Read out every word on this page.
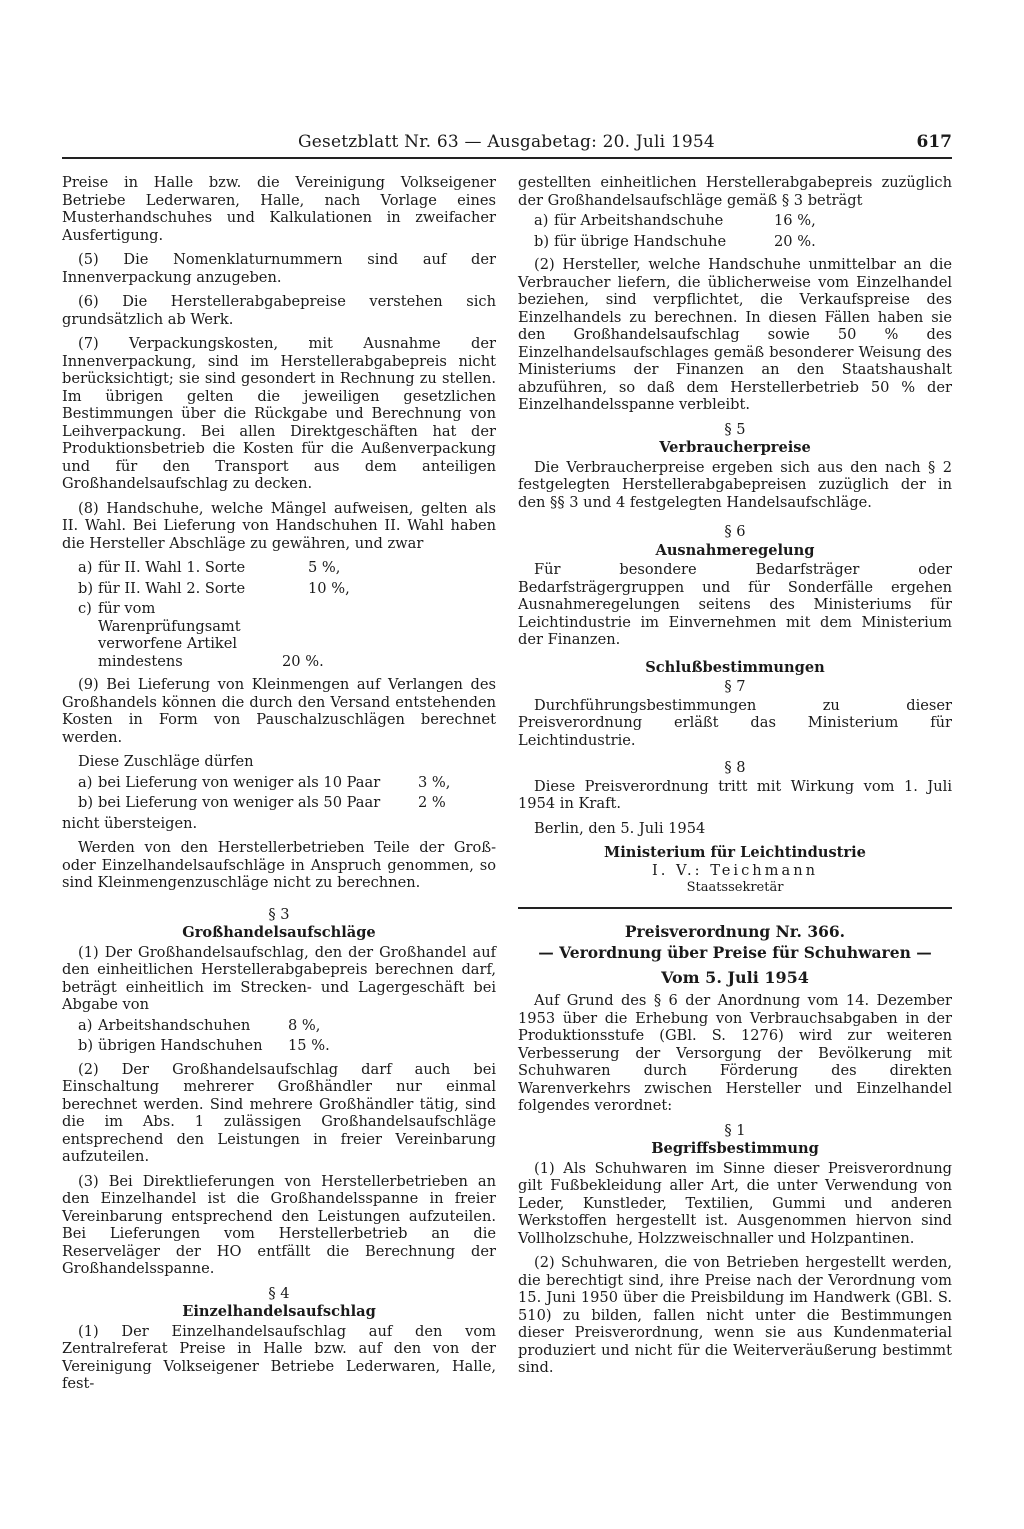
Gesetzblatt Nr. 63 — Ausgabetag: 20. Juli 1954	617

Preise in Halle bzw. die Vereinigung Volkseigener Betriebe Lederwaren, Halle, nach Vorlage eines Musterhandschuhes und Kalkulationen in zweifacher Ausfertigung.

(5) Die Nomenklaturnummern sind auf der Innenverpackung anzugeben.

(6) Die Herstellerabgabepreise verstehen sich grundsätzlich ab Werk.

(7) Verpackungskosten, mit Ausnahme der Innenverpackung, sind im Herstellerabgabepreis nicht berücksichtigt; sie sind gesondert in Rechnung zu stellen. Im übrigen gelten die jeweiligen gesetzlichen Bestimmungen über die Rückgabe und Berechnung von Leihverpackung. Bei allen Direktgeschäften hat der Produktionsbetrieb die Kosten für die Außenverpackung und für den Transport aus dem anteiligen Großhandelsaufschlag zu decken.

(8) Handschuhe, welche Mängel aufweisen, gelten als II. Wahl. Bei Lieferung von Handschuhen II. Wahl haben die Hersteller Abschläge zu gewähren, und zwar

a) für II. Wahl 1. Sorte	5 %,
b) für II. Wahl 2. Sorte	10 %,
c) für vom Warenprüfungsamt verworfene Artikel mindestens	20 %.

(9) Bei Lieferung von Kleinmengen auf Verlangen des Großhandels können die durch den Versand entstehenden Kosten in Form von Pauschalzuschlägen berechnet werden.

Diese Zuschläge dürfen

a) bei Lieferung von weniger als 10 Paar	3 %,
b) bei Lieferung von weniger als 50 Paar	2 %

nicht übersteigen.

Werden von den Herstellerbetrieben Teile der Groß- oder Einzelhandelsaufschläge in Anspruch genommen, so sind Kleinmengenzuschläge nicht zu berechnen.

§ 3
Großhandelsaufschläge

(1) Der Großhandelsaufschlag, den der Großhandel auf den einheitlichen Herstellerabgabepreis berechnen darf, beträgt einheitlich im Strecken- und Lagergeschäft bei Abgabe von

a) Arbeitshandschuhen	8 %,
b) übrigen Handschuhen	15 %.

(2) Der Großhandelsaufschlag darf auch bei Einschaltung mehrerer Großhändler nur einmal berechnet werden. Sind mehrere Großhändler tätig, sind die im Abs. 1 zulässigen Großhandelsaufschläge entsprechend den Leistungen in freier Vereinbarung aufzuteilen.

(3) Bei Direktlieferungen von Herstellerbetrieben an den Einzelhandel ist die Großhandelsspanne in freier Vereinbarung entsprechend den Leistungen aufzuteilen. Bei Lieferungen vom Herstellerbetrieb an die Reserveläger der HO entfällt die Berechnung der Großhandelsspanne.

§ 4
Einzelhandelsaufschlag

(1) Der Einzelhandelsaufschlag auf den vom Zentralreferat Preise in Halle bzw. auf den von der Vereinigung Volkseigener Betriebe Lederwaren, Halle, fest-

gestellten einheitlichen Herstellerabgabepreis zuzüglich der Großhandelsaufschläge gemäß § 3 beträgt

a) für Arbeitshandschuhe	16 %,
b) für übrige Handschuhe	20 %.

(2) Hersteller, welche Handschuhe unmittelbar an die Verbraucher liefern, die üblicherweise vom Einzelhandel beziehen, sind verpflichtet, die Verkaufspreise des Einzelhandels zu berechnen. In diesen Fällen haben sie den Großhandelsaufschlag sowie 50 % des Einzelhandelsaufschlages gemäß besonderer Weisung des Ministeriums der Finanzen an den Staatshaushalt abzuführen, so daß dem Herstellerbetrieb 50 % der Einzelhandelsspanne verbleibt.

§ 5
Verbraucherpreise

Die Verbraucherpreise ergeben sich aus den nach § 2 festgelegten Herstellerabgabepreisen zuzüglich der in den §§ 3 und 4 festgelegten Handelsaufschläge.

§ 6
Ausnahmeregelung

Für besondere Bedarfsträger oder Bedarfsträgergruppen und für Sonderfälle ergehen Ausnahmeregelungen seitens des Ministeriums für Leichtindustrie im Einvernehmen mit dem Ministerium der Finanzen.

Schlußbestimmungen
§ 7

Durchführungsbestimmungen zu dieser Preisverordnung erläßt das Ministerium für Leichtindustrie.

§ 8

Diese Preisverordnung tritt mit Wirkung vom 1. Juli 1954 in Kraft.

Berlin, den 5. Juli 1954

Ministerium für Leichtindustrie

I. V.: Teichmann

Staatssekretär

Preisverordnung Nr. 366.

— Verordnung über Preise für Schuhwaren —

Vom 5. Juli 1954

Auf Grund des § 6 der Anordnung vom 14. Dezember 1953 über die Erhebung von Verbrauchsabgaben in der Produktionsstufe (GBl. S. 1276) wird zur weiteren Verbesserung der Versorgung der Bevölkerung mit Schuhwaren durch Förderung des direkten Warenverkehrs zwischen Hersteller und Einzelhandel folgendes verordnet:

§ 1
Begriffsbestimmung

(1) Als Schuhwaren im Sinne dieser Preisverordnung gilt Fußbekleidung aller Art, die unter Verwendung von Leder, Kunstleder, Textilien, Gummi und anderen Werkstoffen hergestellt ist. Ausgenommen hiervon sind Vollholzschuhe, Holzzweischnaller und Holzpantinen.

(2) Schuhwaren, die von Betrieben hergestellt werden, die berechtigt sind, ihre Preise nach der Verordnung vom 15. Juni 1950 über die Preisbildung im Handwerk (GBl. S. 510) zu bilden, fallen nicht unter die Bestimmungen dieser Preisverordnung, wenn sie aus Kundenmaterial produziert und nicht für die Weiterveräußerung bestimmt sind.
